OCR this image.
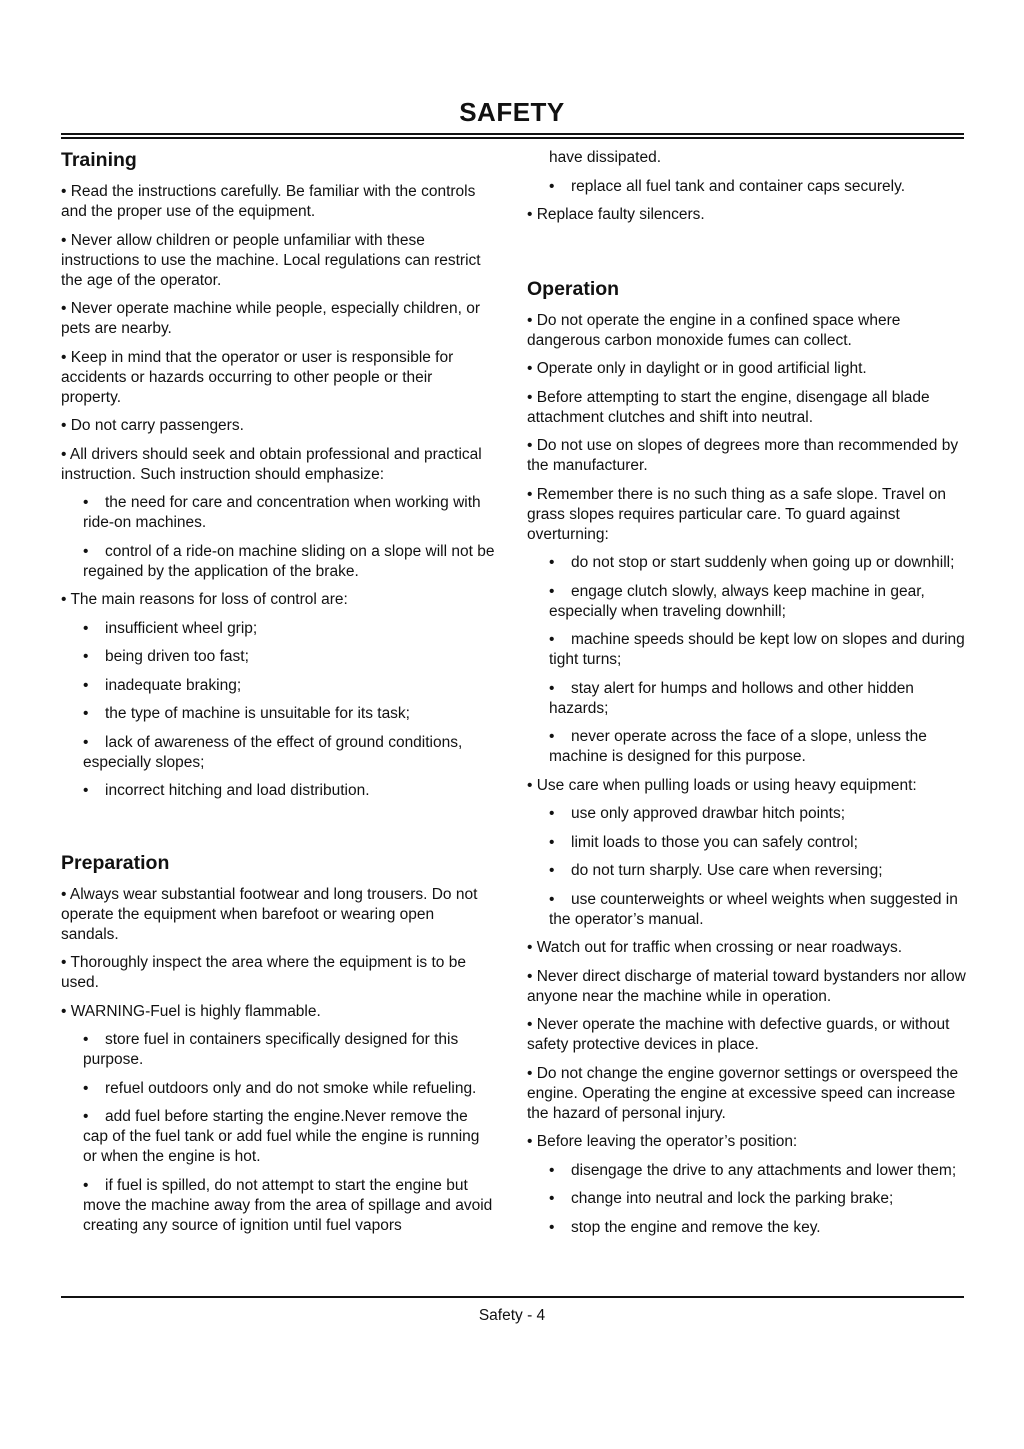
SAFETY
Training

• Read the instructions carefully. Be familiar with the controls and the proper use of the equipment.

• Never allow children or people unfamiliar with these instructions to use the machine. Local regulations can restrict the age of the operator.

• Never operate machine while people, especially children, or pets are nearby.

• Keep in mind that the operator or user is responsible for accidents or hazards occurring to other people or their property.

• Do not carry passengers.

• All drivers should seek and obtain professional and practical instruction. Such instruction should emphasize:

• the need for care and concentration when working with ride-on machines.

• control of a ride-on machine sliding on a slope will not be regained by the application of the brake.

• The main reasons for loss of control are:

• insufficient wheel grip;

• being driven too fast;

• inadequate braking;

• the type of machine is unsuitable for its task;

• lack of awareness of the effect of ground conditions, especially slopes;

• incorrect hitching and load distribution.

Preparation

• Always wear substantial footwear and long trousers. Do not operate the equipment when barefoot or wearing open sandals.

• Thoroughly inspect the area where the equipment is to be used.

• WARNING-Fuel is highly flammable.

• store fuel in containers specifically designed for this purpose.

• refuel outdoors only and do not smoke while refueling.

• add fuel before starting the engine.Never remove the cap of the fuel tank or add fuel while the engine is running or when the engine is hot.

• if fuel is spilled, do not attempt to start the engine but move the machine away from the area of spillage and avoid creating any source of ignition until fuel vapors

have dissipated.

• replace all fuel tank and container caps securely.

• Replace faulty silencers.

Operation

• Do not operate the engine in a confined space where dangerous carbon monoxide fumes can collect.

• Operate only in daylight or in good artificial light.

• Before attempting to start the engine, disengage all blade attachment clutches and shift into neutral.

• Do not use on slopes of degrees more than recommended by the manufacturer.

• Remember there is no such thing as a safe slope. Travel on grass slopes requires particular care. To guard against overturning:

• do not stop or start suddenly when going up or downhill;

• engage clutch slowly, always keep machine in gear, especially when traveling downhill;

• machine speeds should be kept low on slopes and during tight turns;

• stay alert for humps and hollows and other hidden hazards;

• never operate across the face of a slope, unless the machine is designed for this purpose.

• Use care when pulling loads or using heavy equipment:

• use only approved drawbar hitch points;

• limit loads to those you can safely control;

• do not turn sharply. Use care when reversing;

• use counterweights or wheel weights when suggested in the operator’s manual.

• Watch out for traffic when crossing or near roadways.

• Never direct discharge of material toward bystanders nor allow anyone near the machine while in operation.

• Never operate the machine with defective guards, or without safety protective devices in place.

• Do not change the engine governor settings or overspeed the engine. Operating the engine at excessive speed can increase the hazard of personal injury.

• Before leaving the operator’s position:

• disengage the drive to any attachments and lower them;

• change into neutral and lock the parking brake;

• stop the engine and remove the key.

Safety - 4
